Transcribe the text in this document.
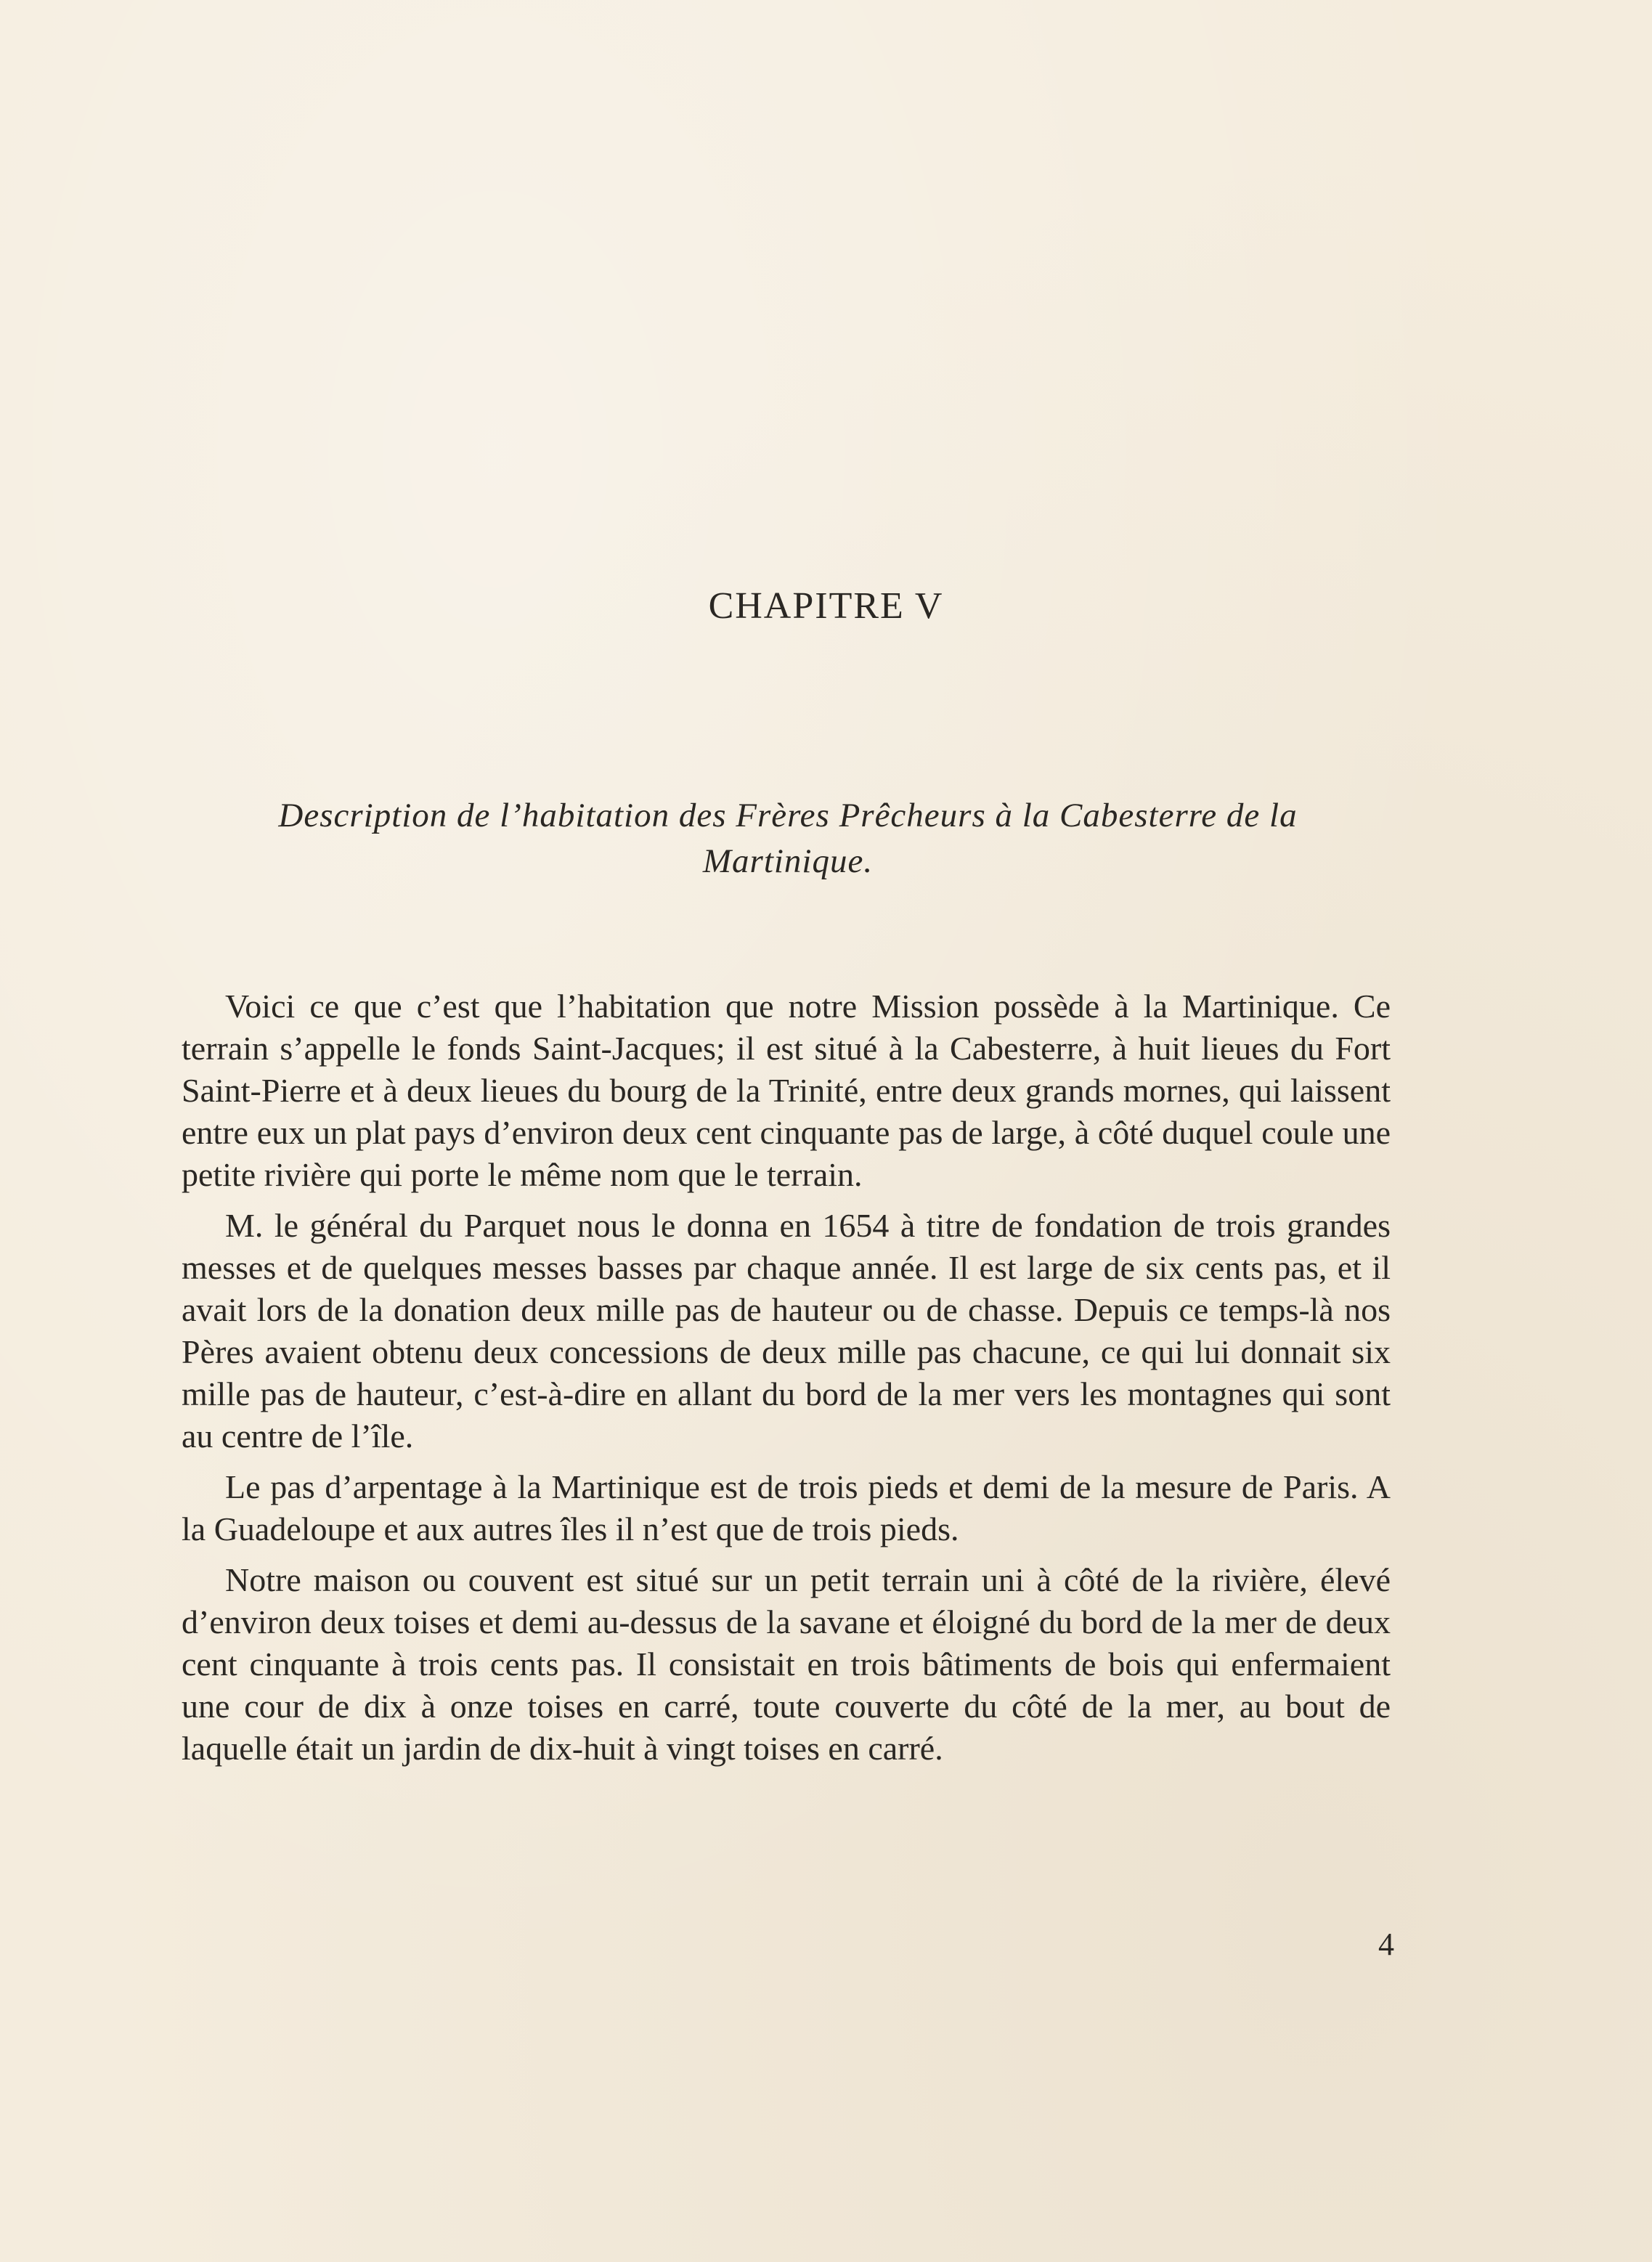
CHAPITRE V
Description de l’habitation des Frères Prêcheurs à la Cabesterre de la Martinique.

Voici ce que c’est que l’habitation que notre Mission possède à la Martinique. Ce terrain s’appelle le fonds Saint-Jacques; il est situé à la Cabesterre, à huit lieues du Fort Saint-Pierre et à deux lieues du bourg de la Trinité, entre deux grands mornes, qui laissent entre eux un plat pays d’environ deux cent cinquante pas de large, à côté duquel coule une petite rivière qui porte le même nom que le terrain.

M. le général du Parquet nous le donna en 1654 à titre de fondation de trois grandes messes et de quelques messes basses par chaque année. Il est large de six cents pas, et il avait lors de la donation deux mille pas de hauteur ou de chasse. Depuis ce temps-là nos Pères avaient obtenu deux concessions de deux mille pas chacune, ce qui lui donnait six mille pas de hauteur, c’est-à-dire en allant du bord de la mer vers les montagnes qui sont au centre de l’île.

Le pas d’arpentage à la Martinique est de trois pieds et demi de la mesure de Paris. A la Guadeloupe et aux autres îles il n’est que de trois pieds.

Notre maison ou couvent est situé sur un petit terrain uni à côté de la rivière, élevé d’environ deux toises et demi au-dessus de la savane et éloigné du bord de la mer de deux cent cinquante à trois cents pas. Il consistait en trois bâtiments de bois qui enfermaient une cour de dix à onze toises en carré, toute couverte du côté de la mer, au bout de laquelle était un jardin de dix-huit à vingt toises en carré.

4
